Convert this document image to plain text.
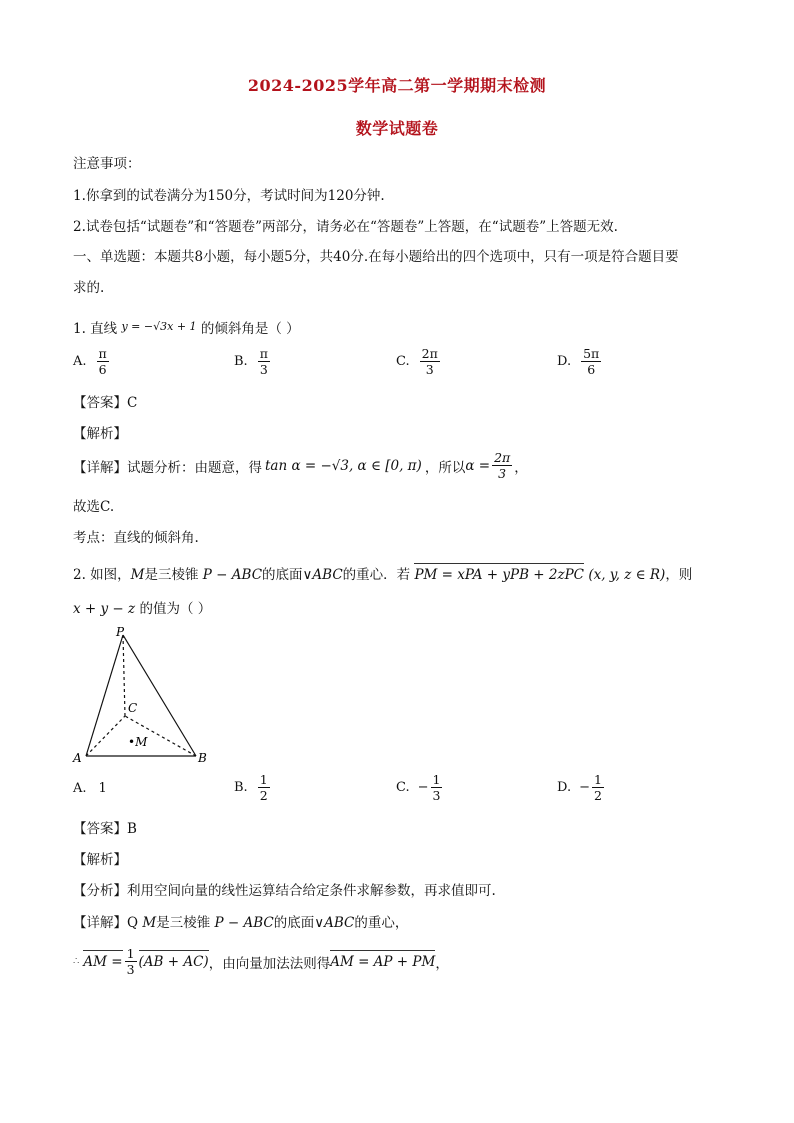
2024-2025学年高二第一学期期末检测
数学试题卷
注意事项：
1.你拿到的试卷满分为150分，考试时间为120分钟.
2.试卷包括“试题卷”和“答题卷”两部分，请务必在“答题卷”上答题，在“试题卷”上答题无效.
一、单选题：本题共8小题，每小题5分，共40分.在每小题给出的四个选项中，只有一项是符合题目要
求的.
1. 直线 $^{y = -√3x + 1}$ 的倾斜角是（ ）
A. $\frac{\pi}{6}$	B. $\frac{\pi}{3}$	C. $\frac{2\pi}{3}$	D. $\frac{5\pi}{6}$
【答案】C
【解析】
【详解】 试题分析：由题意，得 tan α = −√3, α ∈ [0, π) ，所以 $\alpha = \frac{2\pi}{3}$ ，
故选C.
考点：直线的倾斜角.
2. 如图，M是三棱锥 P − ABC的底面∨ABC的重心．若 PM = xPA + yPB + 2zPC (x, y, z ∈ R)，则
x + y − z 的值为（ ）
P
A	B
C
•M
A. 1	B. $\frac{1}{2}$	C. − $\frac{1}{3}$	D. − $\frac{1}{2}$
【答案】B
【解析】
【分析】利用空间向量的线性运算结合给定条件求解参数，再求值即可.
【详解】Q M是三棱锥 P − ABC的底面∨ABC的重心，
∴ AM = $\frac{1}{3} (AB + AC)$ ，由向量加法法则得 AM = AP + PM ，
